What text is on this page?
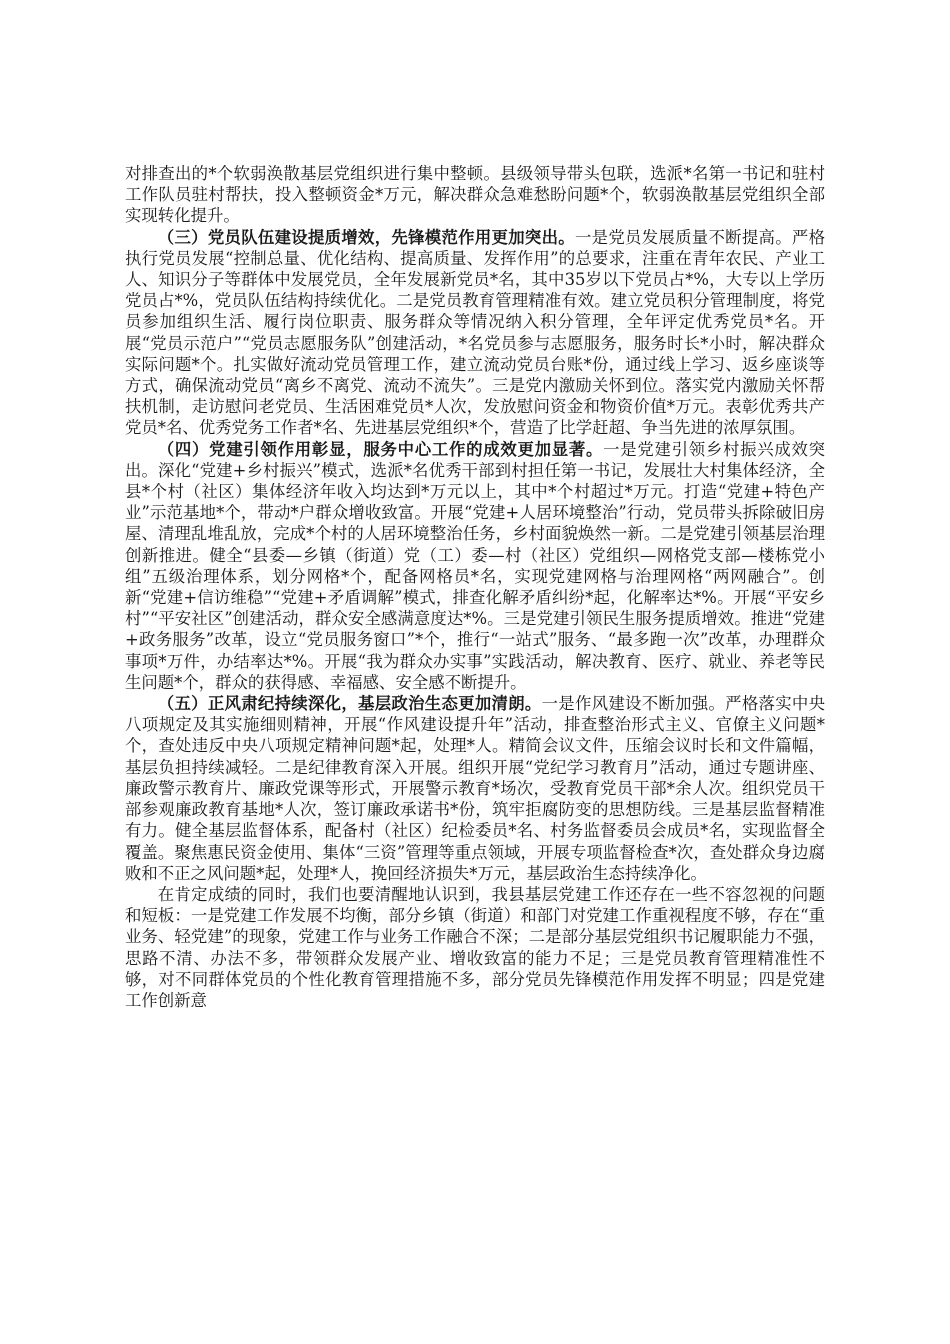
对排查出的*个软弱涣散基层党组织进行集中整顿。县级领导带头包联，选派*名第一书记和驻村工作队员驻村帮扶，投入整顿资金*万元，解决群众急难愁盼问题*个，软弱涣散基层党组织全部实现转化提升。

（三）党员队伍建设提质增效，先锋模范作用更加突出。一是党员发展质量不断提高。严格执行党员发展“控制总量、优化结构、提高质量、发挥作用”的总要求，注重在青年农民、产业工人、知识分子等群体中发展党员，全年发展新党员*名，其中35岁以下党员占*%，大专以上学历党员占*%，党员队伍结构持续优化。二是党员教育管理精准有效。建立党员积分管理制度，将党员参加组织生活、履行岗位职责、服务群众等情况纳入积分管理，全年评定优秀党员*名。开展“党员示范户”“党员志愿服务队”创建活动，*名党员参与志愿服务，服务时长*小时，解决群众实际问题*个。扎实做好流动党员管理工作，建立流动党员台账*份，通过线上学习、返乡座谈等方式，确保流动党员“离乡不离党、流动不流失”。三是党内激励关怀到位。落实党内激励关怀帮扶机制，走访慰问老党员、生活困难党员*人次，发放慰问资金和物资价值*万元。表彰优秀共产党员*名、优秀党务工作者*名、先进基层党组织*个，营造了比学赶超、争当先进的浓厚氛围。

（四）党建引领作用彰显，服务中心工作的成效更加显著。一是党建引领乡村振兴成效突出。深化“党建+乡村振兴”模式，选派*名优秀干部到村担任第一书记，发展壮大村集体经济，全县*个村（社区）集体经济年收入均达到*万元以上，其中*个村超过*万元。打造“党建+特色产业”示范基地*个，带动*户群众增收致富。开展“党建+人居环境整治”行动，党员带头拆除破旧房屋、清理乱堆乱放，完成*个村的人居环境整治任务，乡村面貌焕然一新。二是党建引领基层治理创新推进。健全“县委—乡镇（街道）党（工）委—村（社区）党组织—网格党支部—楼栋党小组”五级治理体系，划分网格*个，配备网格员*名，实现党建网格与治理网格“两网融合”。创新“党建+信访维稳”“党建+矛盾调解”模式，排查化解矛盾纠纷*起，化解率达*%。开展“平安乡村”“平安社区”创建活动，群众安全感满意度达*%。三是党建引领民生服务提质增效。推进“党建+政务服务”改革，设立“党员服务窗口”*个，推行“一站式”服务、“最多跑一次”改革，办理群众事项*万件，办结率达*%。开展“我为群众办实事”实践活动，解决教育、医疗、就业、养老等民生问题*个，群众的获得感、幸福感、安全感不断提升。

（五）正风肃纪持续深化，基层政治生态更加清朗。一是作风建设不断加强。严格落实中央八项规定及其实施细则精神，开展“作风建设提升年”活动，排查整治形式主义、官僚主义问题*个，查处违反中央八项规定精神问题*起，处理*人。精简会议文件，压缩会议时长和文件篇幅，基层负担持续减轻。二是纪律教育深入开展。组织开展“党纪学习教育月”活动，通过专题讲座、廉政警示教育片、廉政党课等形式，开展警示教育*场次，受教育党员干部*余人次。组织党员干部参观廉政教育基地*人次，签订廉政承诺书*份，筑牢拒腐防变的思想防线。三是基层监督精准有力。健全基层监督体系，配备村（社区）纪检委员*名、村务监督委员会成员*名，实现监督全覆盖。聚焦惠民资金使用、集体“三资”管理等重点领域，开展专项监督检查*次，查处群众身边腐败和不正之风问题*起，处理*人，挽回经济损失*万元，基层政治生态持续净化。

在肯定成绩的同时，我们也要清醒地认识到，我县基层党建工作还存在一些不容忽视的问题和短板：一是党建工作发展不均衡，部分乡镇（街道）和部门对党建工作重视程度不够，存在“重业务、轻党建”的现象，党建工作与业务工作融合不深；二是部分基层党组织书记履职能力不强，思路不清、办法不多，带领群众发展产业、增收致富的能力不足；三是党员教育管理精准性不够，对不同群体党员的个性化教育管理措施不多，部分党员先锋模范作用发挥不明显；四是党建工作创新意
